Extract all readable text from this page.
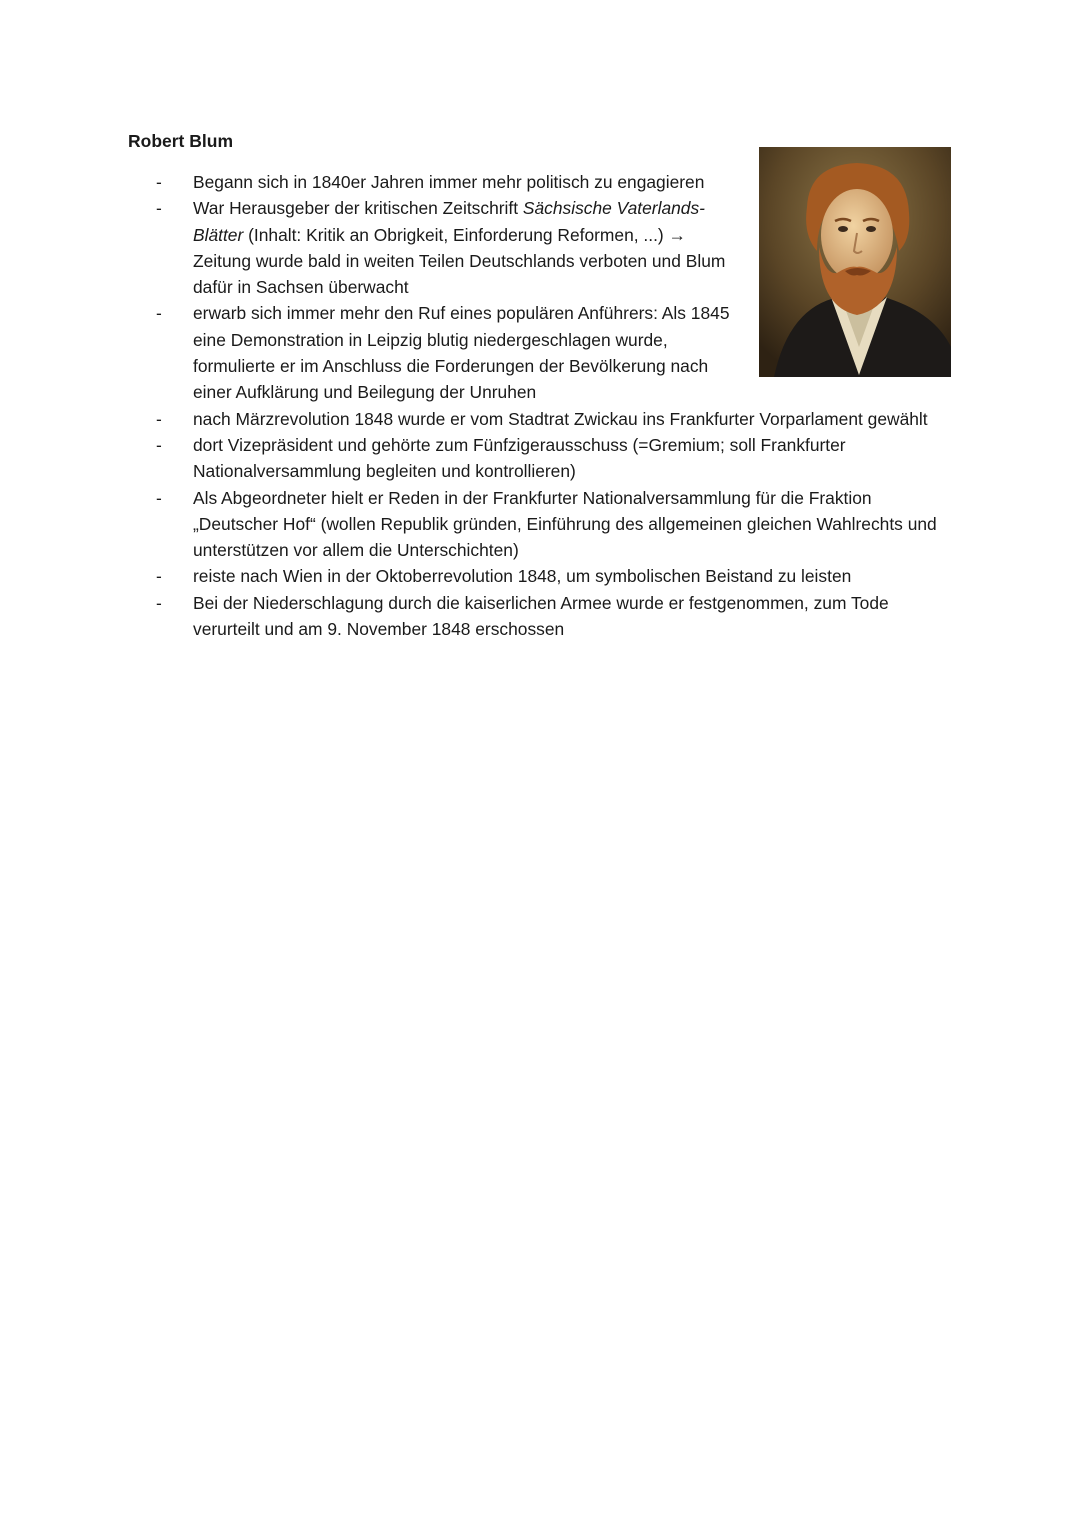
Robert Blum
- Begann sich in 1840er Jahren immer mehr politisch zu engagieren
- War Herausgeber der kritischen Zeitschrift Sächsische Vaterlands-Blätter (Inhalt: Kritik an Obrigkeit, Einforderung Reformen, ...) → Zeitung wurde bald in weiten Teilen Deutschlands verboten und Blum dafür in Sachsen überwacht
- erwarb sich immer mehr den Ruf eines populären Anführers: Als 1845 eine Demonstration in Leipzig blutig niedergeschlagen wurde, formulierte er im Anschluss die Forderungen der Bevölkerung nach einer Aufklärung und Beilegung der Unruhen
- nach Märzrevolution 1848 wurde er vom Stadtrat Zwickau ins Frankfurter Vorparlament gewählt
- dort Vizepräsident und gehörte zum Fünfzigerausschuss (=Gremium; soll Frankfurter Nationalversammlung begleiten und kontrollieren)
- Als Abgeordneter hielt er Reden in der Frankfurter Nationalversammlung für die Fraktion „Deutscher Hof“ (wollen Republik gründen, Einführung des allgemeinen gleichen Wahlrechts und unterstützen vor allem die Unterschichten)
- reiste nach Wien in der Oktoberrevolution 1848, um symbolischen Beistand zu leisten
- Bei der Niederschlagung durch die kaiserlichen Armee wurde er festgenommen, zum Tode verurteilt und am 9. November 1848 erschossen
